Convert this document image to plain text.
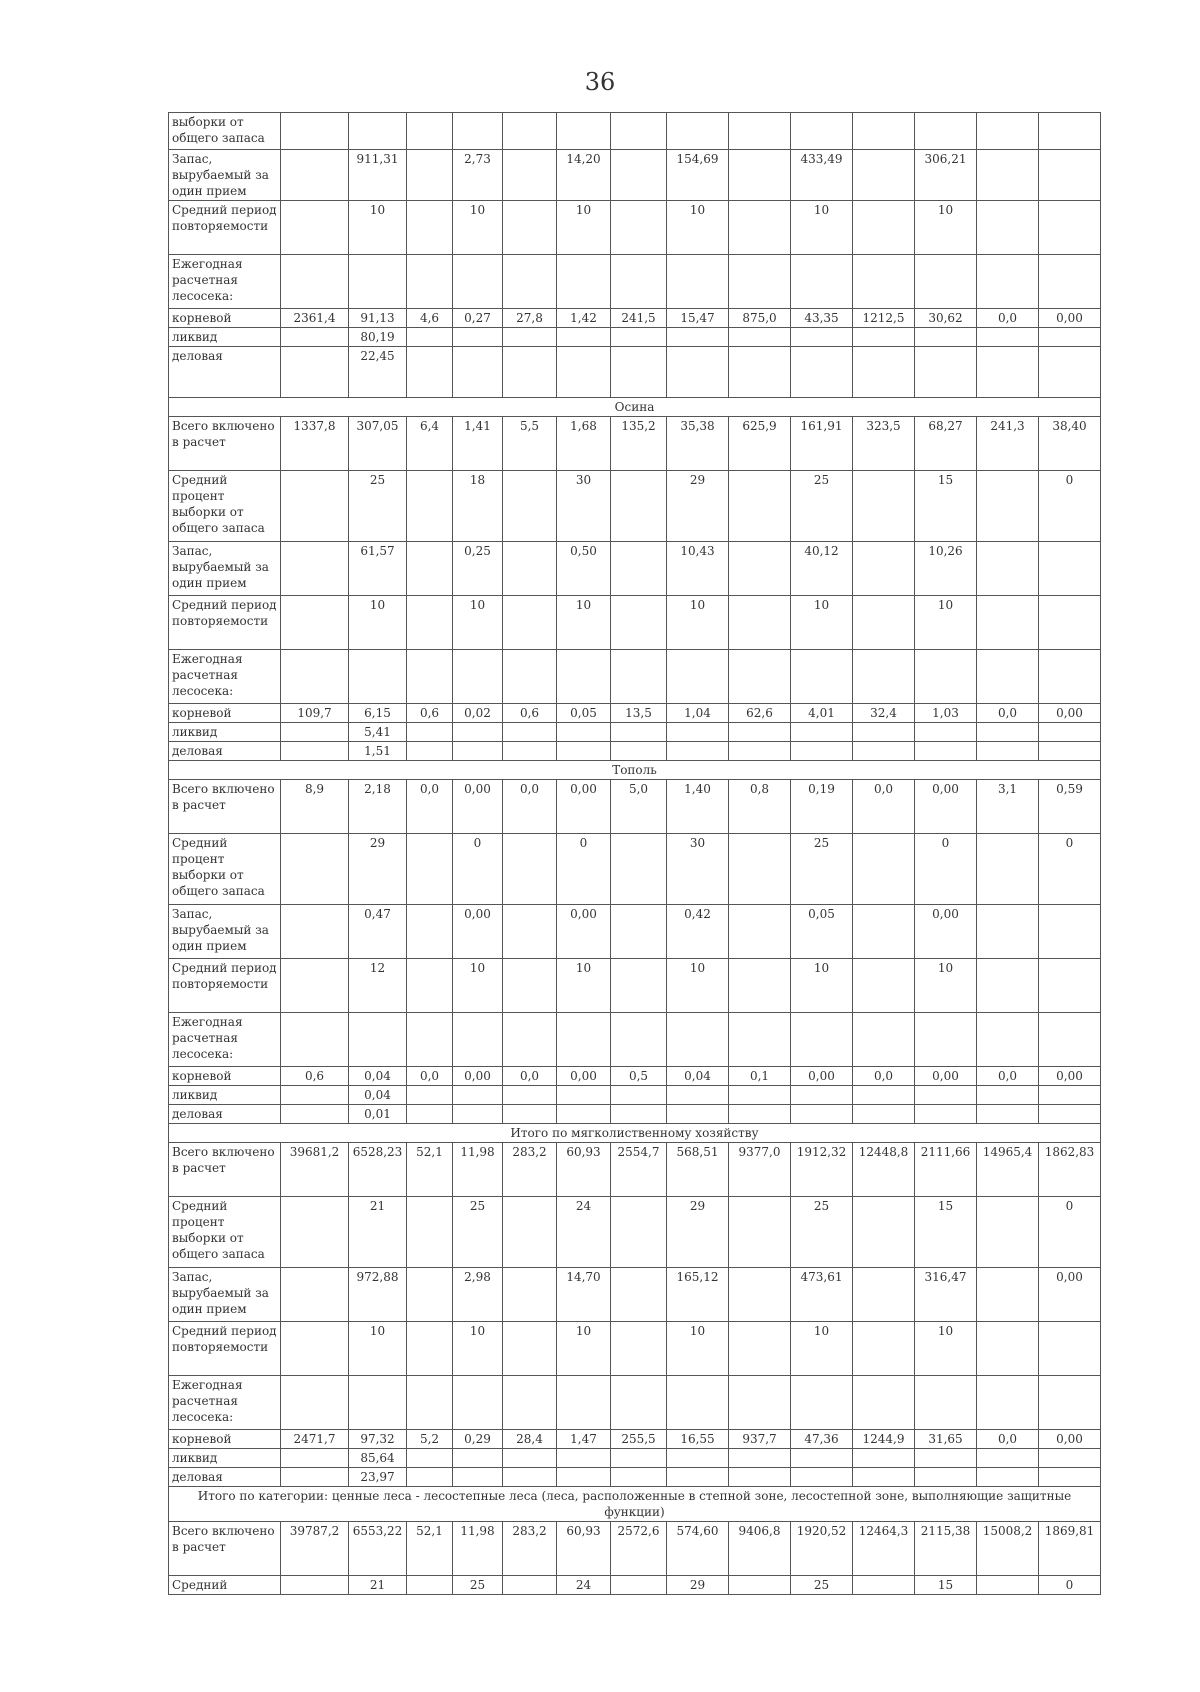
36
выборки от общего запаса														
Запас, вырубаемый за один прием		911,31		2,73		14,20		154,69		433,49		306,21		
Средний период повторяемости		10		10		10		10		10		10		
Ежегодная расчетная лесосека:														
корневой	2361,4	91,13	4,6	0,27	27,8	1,42	241,5	15,47	875,0	43,35	1212,5	30,62	0,0	0,00
ликвид		80,19												
деловая		22,45												
Осина														
Всего включено в расчет	1337,8	307,05	6,4	1,41	5,5	1,68	135,2	35,38	625,9	161,91	323,5	68,27	241,3	38,40
Средний процент выборки от общего запаса		25		18		30		29		25		15		0
Запас, вырубаемый за один прием		61,57		0,25		0,50		10,43		40,12		10,26		
Средний период повторяемости		10		10		10		10		10		10		
Ежегодная расчетная лесосека:														
корневой	109,7	6,15	0,6	0,02	0,6	0,05	13,5	1,04	62,6	4,01	32,4	1,03	0,0	0,00
ликвид		5,41												
деловая		1,51												
Тополь														
Всего включено в расчет	8,9	2,18	0,0	0,00	0,0	0,00	5,0	1,40	0,8	0,19	0,0	0,00	3,1	0,59
Средний процент выборки от общего запаса		29		0		0		30		25		0		0
Запас, вырубаемый за один прием		0,47		0,00		0,00		0,42		0,05		0,00		
Средний период повторяемости		12		10		10		10		10		10		
Ежегодная расчетная лесосека:														
корневой	0,6	0,04	0,0	0,00	0,0	0,00	0,5	0,04	0,1	0,00	0,0	0,00	0,0	0,00
ликвид		0,04												
деловая		0,01												
Итого по мягколиственному хозяйству														
Всего включено в расчет	39681,2	6528,23	52,1	11,98	283,2	60,93	2554,7	568,51	9377,0	1912,32	12448,8	2111,66	14965,4	1862,83
Средний процент выборки от общего запаса		21		25		24		29		25		15		0
Запас, вырубаемый за один прием		972,88		2,98		14,70		165,12		473,61		316,47		0,00
Средний период повторяемости		10		10		10		10		10		10		
Ежегодная расчетная лесосека:														
корневой	2471,7	97,32	5,2	0,29	28,4	1,47	255,5	16,55	937,7	47,36	1244,9	31,65	0,0	0,00
ликвид		85,64												
деловая		23,97												
Итого по категории: ценные леса - лесостепные леса (леса, расположенные в степной зоне, лесостепной зоне, выполняющие защитные функции)														
Всего включено в расчет	39787,2	6553,22	52,1	11,98	283,2	60,93	2572,6	574,60	9406,8	1920,52	12464,3	2115,38	15008,2	1869,81
Средний		21		25		24		29		25		15		0
